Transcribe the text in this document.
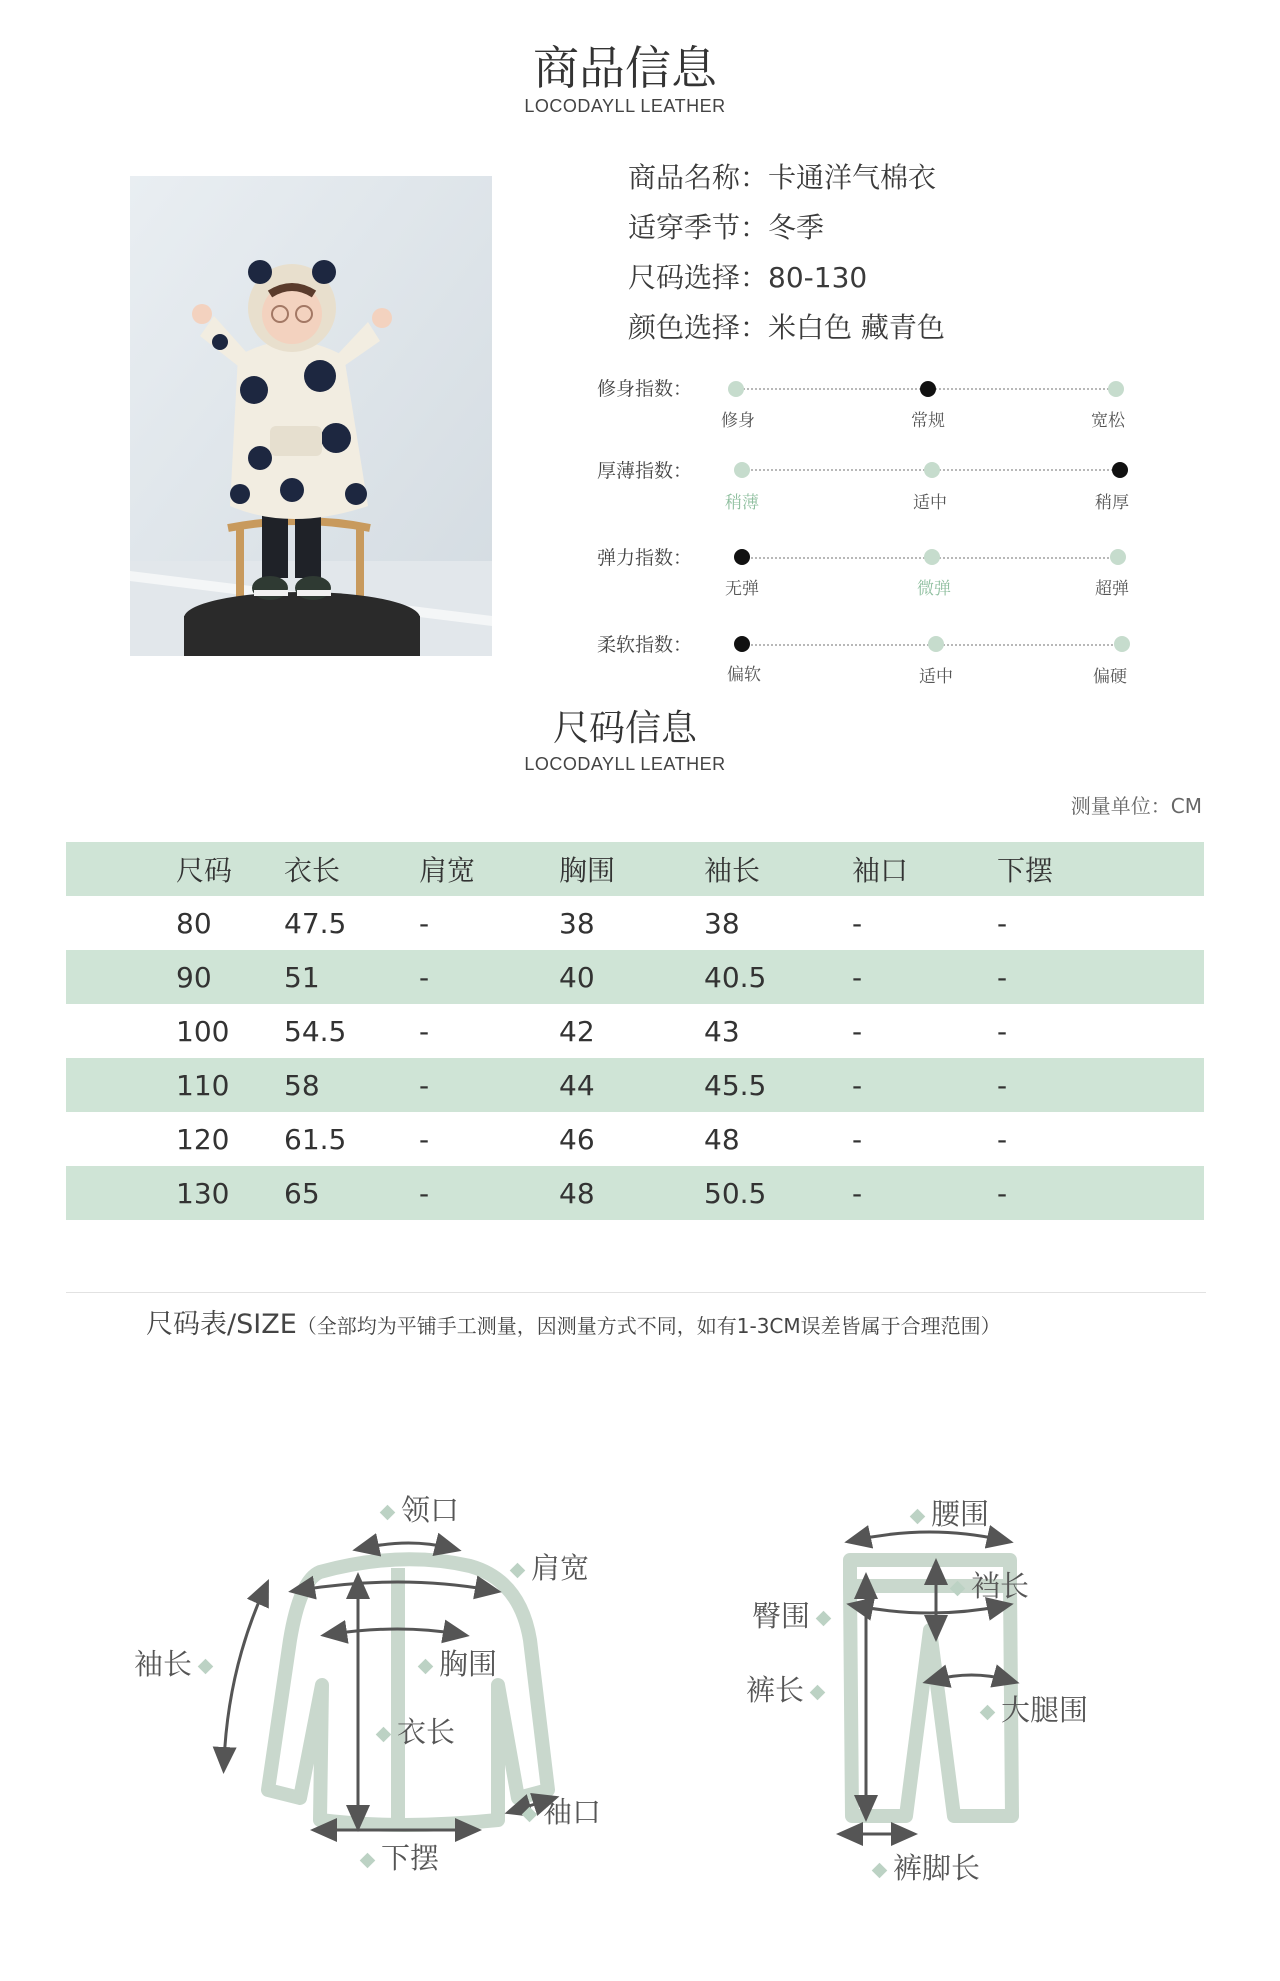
商品信息
LOCODAYLL LEATHER
商品名称：卡通洋气棉衣
适穿季节：冬季
尺码选择：80-130
颜色选择：米白色 藏青色
修身指数：
修身	常规	宽松
厚薄指数：
稍薄	适中	稍厚
弹力指数：
无弹	微弹	超弹
柔软指数：
偏软	适中	偏硬
尺码信息
LOCODAYLL LEATHER
测量单位：CM
尺码	衣长	肩宽	胸围	袖长	袖口	下摆
80	47.5	-	38	38	-	-
90	51	-	40	40.5	-	-
100	54.5	-	42	43	-	-
110	58	-	44	45.5	-	-
120	61.5	-	46	48	-	-
130	65	-	48	50.5	-	-
尺码表/SIZE（全部均为平铺手工测量，因测量方式不同，如有1-3CM误差皆属于合理范围）
领口
肩宽
袖长	胸围
衣长
袖口
下摆
腰围
裆长
臀围
裤长
大腿围
裤脚长
